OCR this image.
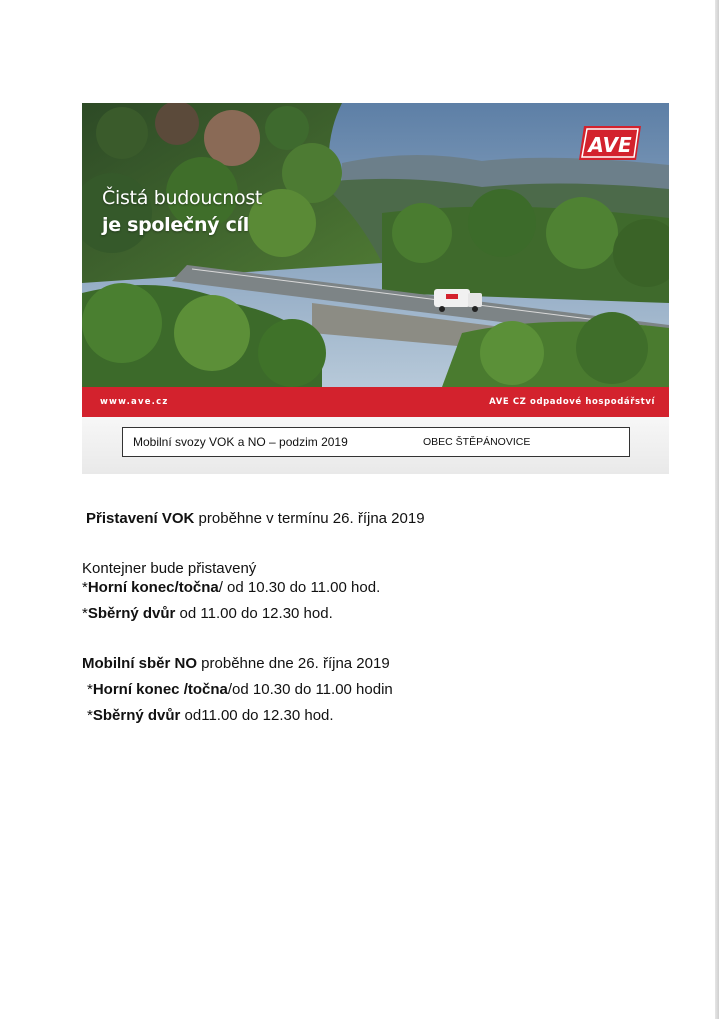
Čistá budoucnost
je společný cíl
AVE
www.ave.cz	AVE CZ odpadové hospodářství
Mobilní svozy VOK a NO – podzim 2019	OBEC ŠTĚPÁNOVICE
Přistavení VOK proběhne v termínu 26. října 2019
Kontejner bude přistavený
*Horní konec/točna/ od 10.30 do 11.00 hod.
*Sběrný dvůr od 11.00 do 12.30 hod.
Mobilní sběr NO proběhne dne 26. října 2019
*Horní konec /točna/od 10.30 do 11.00 hodin
*Sběrný dvůr od11.00 do 12.30 hod.
